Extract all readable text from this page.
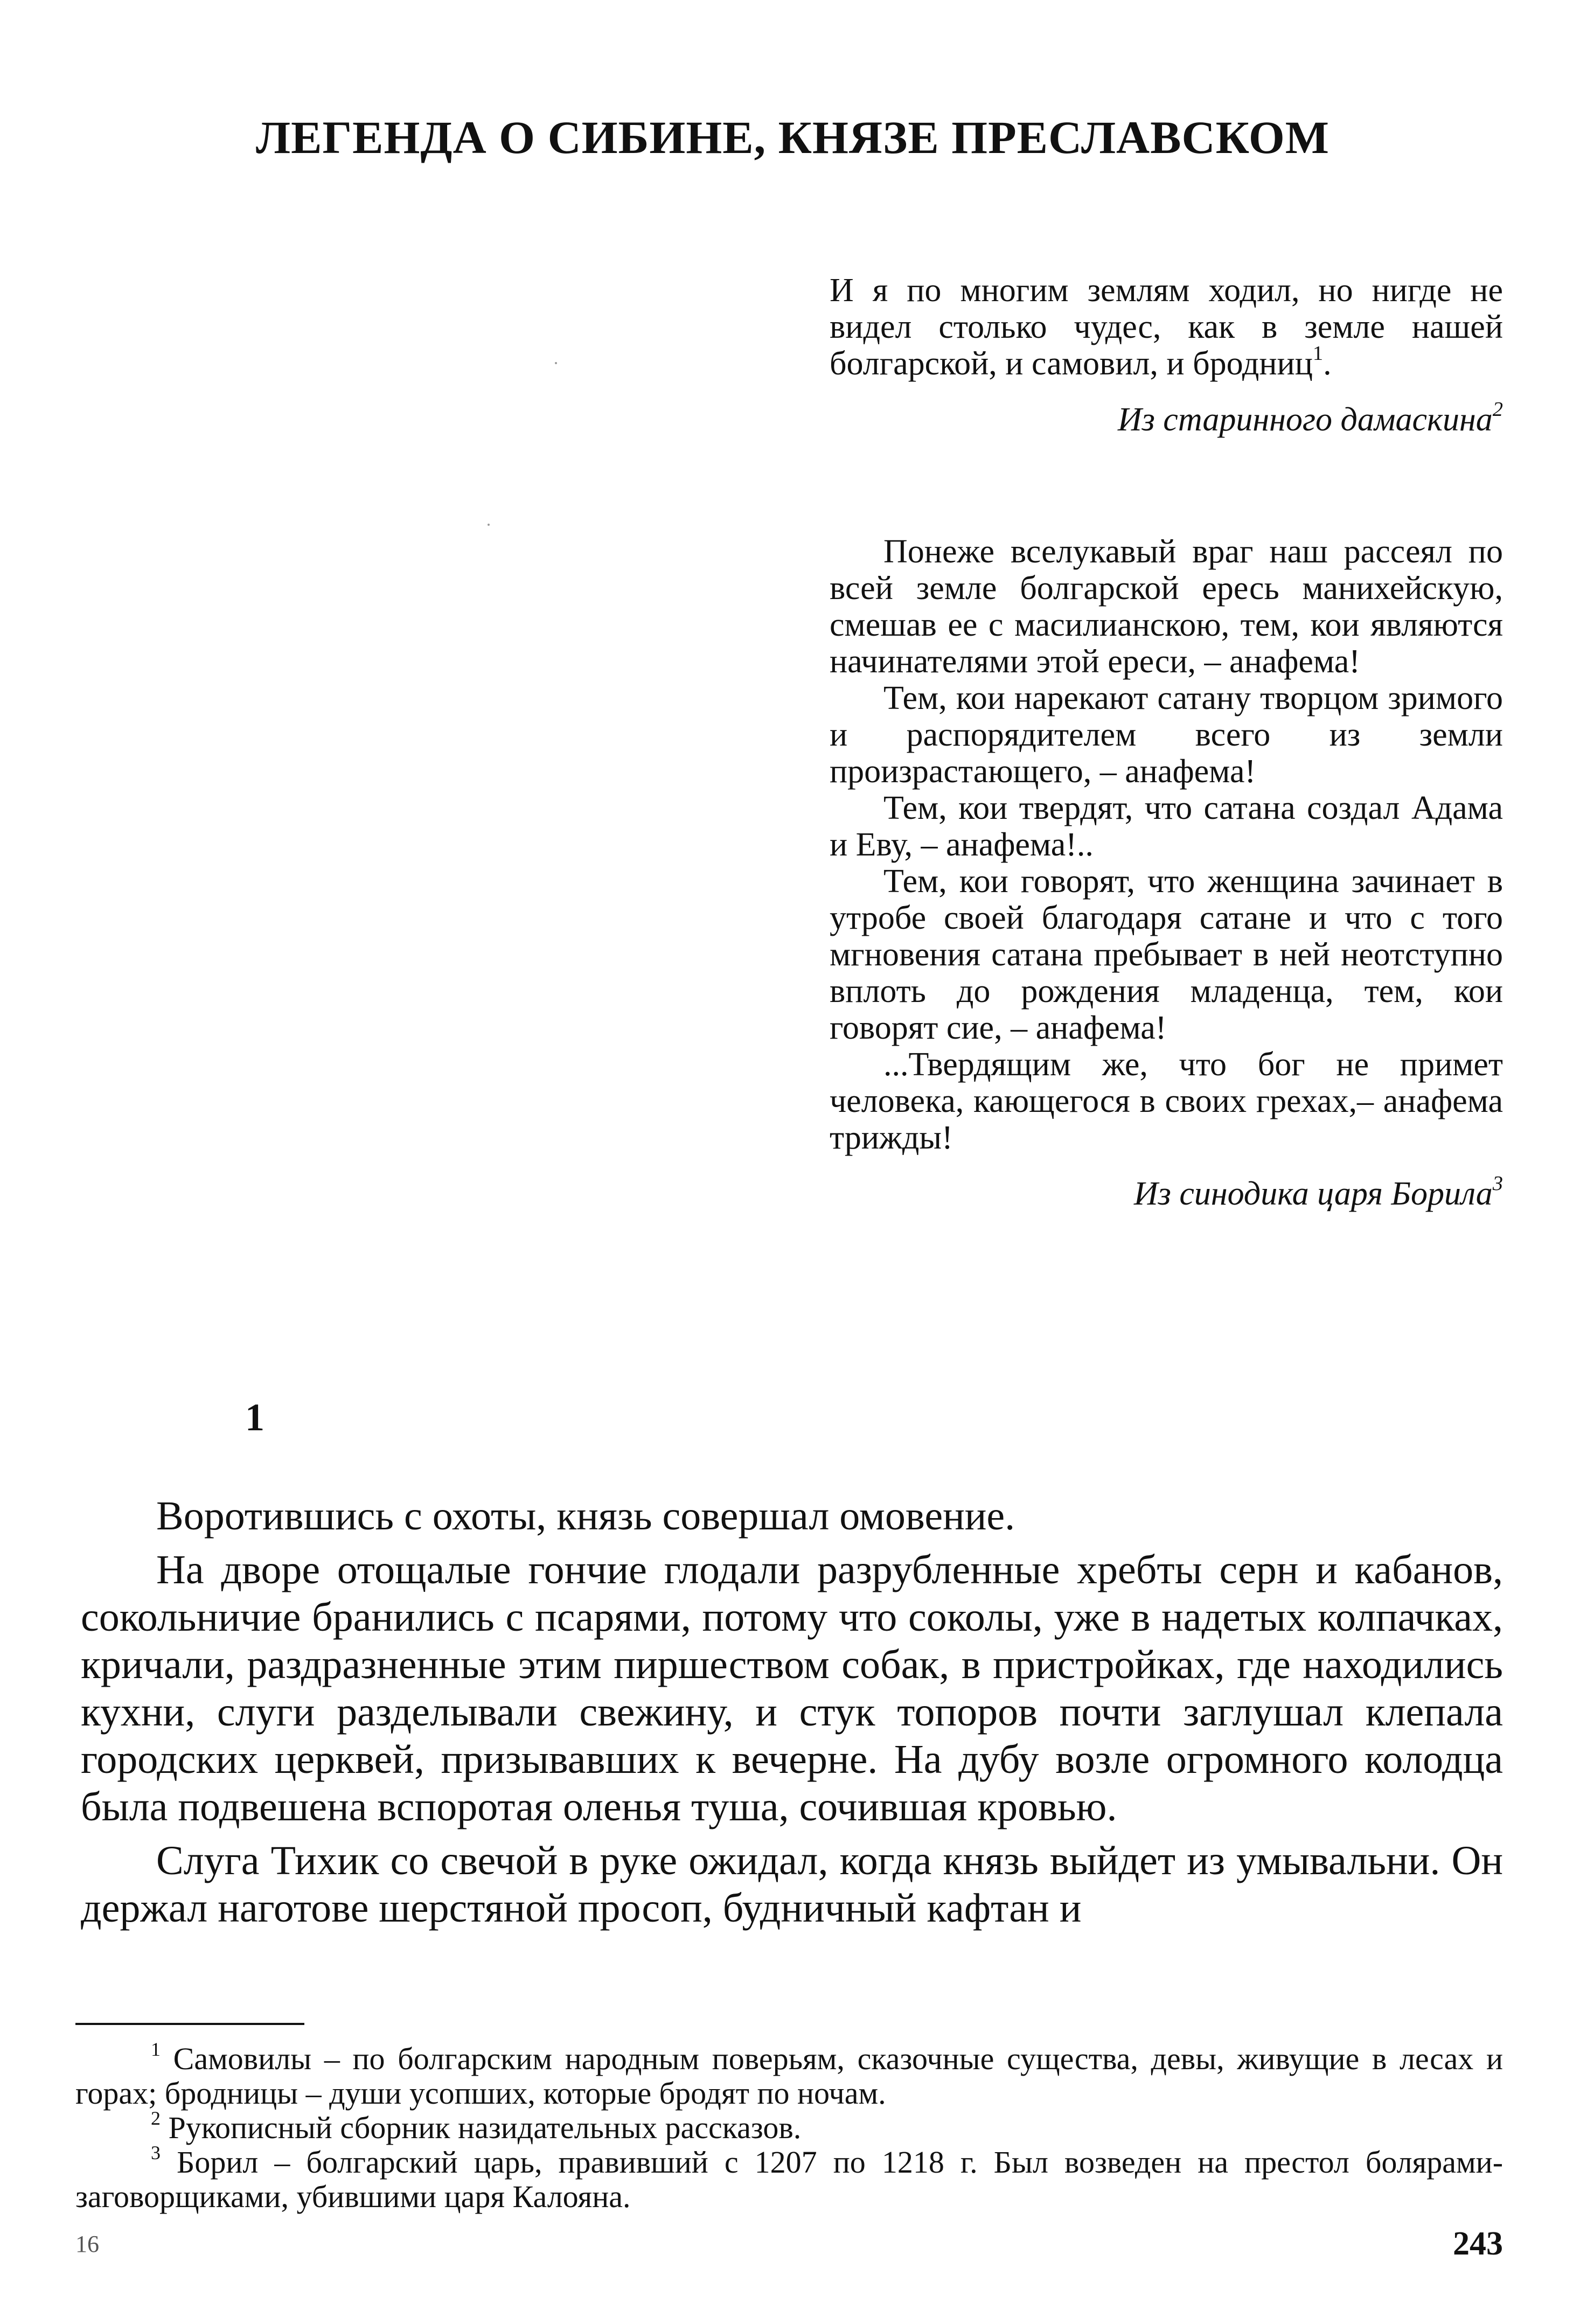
ЛЕГЕНДА О СИБИНЕ, КНЯЗЕ ПРЕСЛАВСКОМ

И я по многим землям ходил, но нигде не видел столько чудес, как в земле нашей болгарской, и самовил, и бродниц$^1$.

Из старинного дамаскина$^2$

Понеже вселукавый враг наш рассеял по всей земле болгарской ересь манихейскую, смешав ее с масилианскою, тем, кои являются начинателями этой ереси, – анафема!

Тем, кои нарекают сатану творцом зримого и распорядителем всего из земли произрастающего, – анафема!

Тем, кои твердят, что сатана создал Адама и Еву, – анафема!..

Тем, кои говорят, что женщина зачинает в утробе своей благодаря сатане и что с того мгновения сатана пребывает в ней неотступно вплоть до рождения младенца, тем, кои говорят сие, – анафема!

...Твердящим же, что бог не примет человека, кающегося в своих грехах,– анафема трижды!

Из синодика царя Борила$^3$

1

Воротившись с охоты, князь совершал омовение.

На дворе отощалые гончие глодали разрубленные хребты серн и кабанов, сокольничие бранились с псарями, потому что соколы, уже в надетых колпачках, кричали, раздразненные этим пиршеством собак, в пристройках, где находились кухни, слуги разделывали свежину, и стук топоров почти заглушал клепала городских церквей, призывавших к вечерне. На дубу возле огромного колодца была подвешена вспоротая оленья туша, сочившая кровью.

Слуга Тихик со свечой в руке ожидал, когда князь выйдет из умывальни. Он держал наготове шерстяной просоп, будничный кафтан и

$^1$ Самовилы – по болгарским народным поверьям, сказочные существа, девы, живущие в лесах и горах; бродницы – души усопших, которые бродят по ночам.

$^2$ Рукописный сборник назидательных рассказов.

$^3$ Борил – болгарский царь, правивший с 1207 по 1218 г. Был возведен на престол болярами-заговорщиками, убившими царя Калояна.

16	243
